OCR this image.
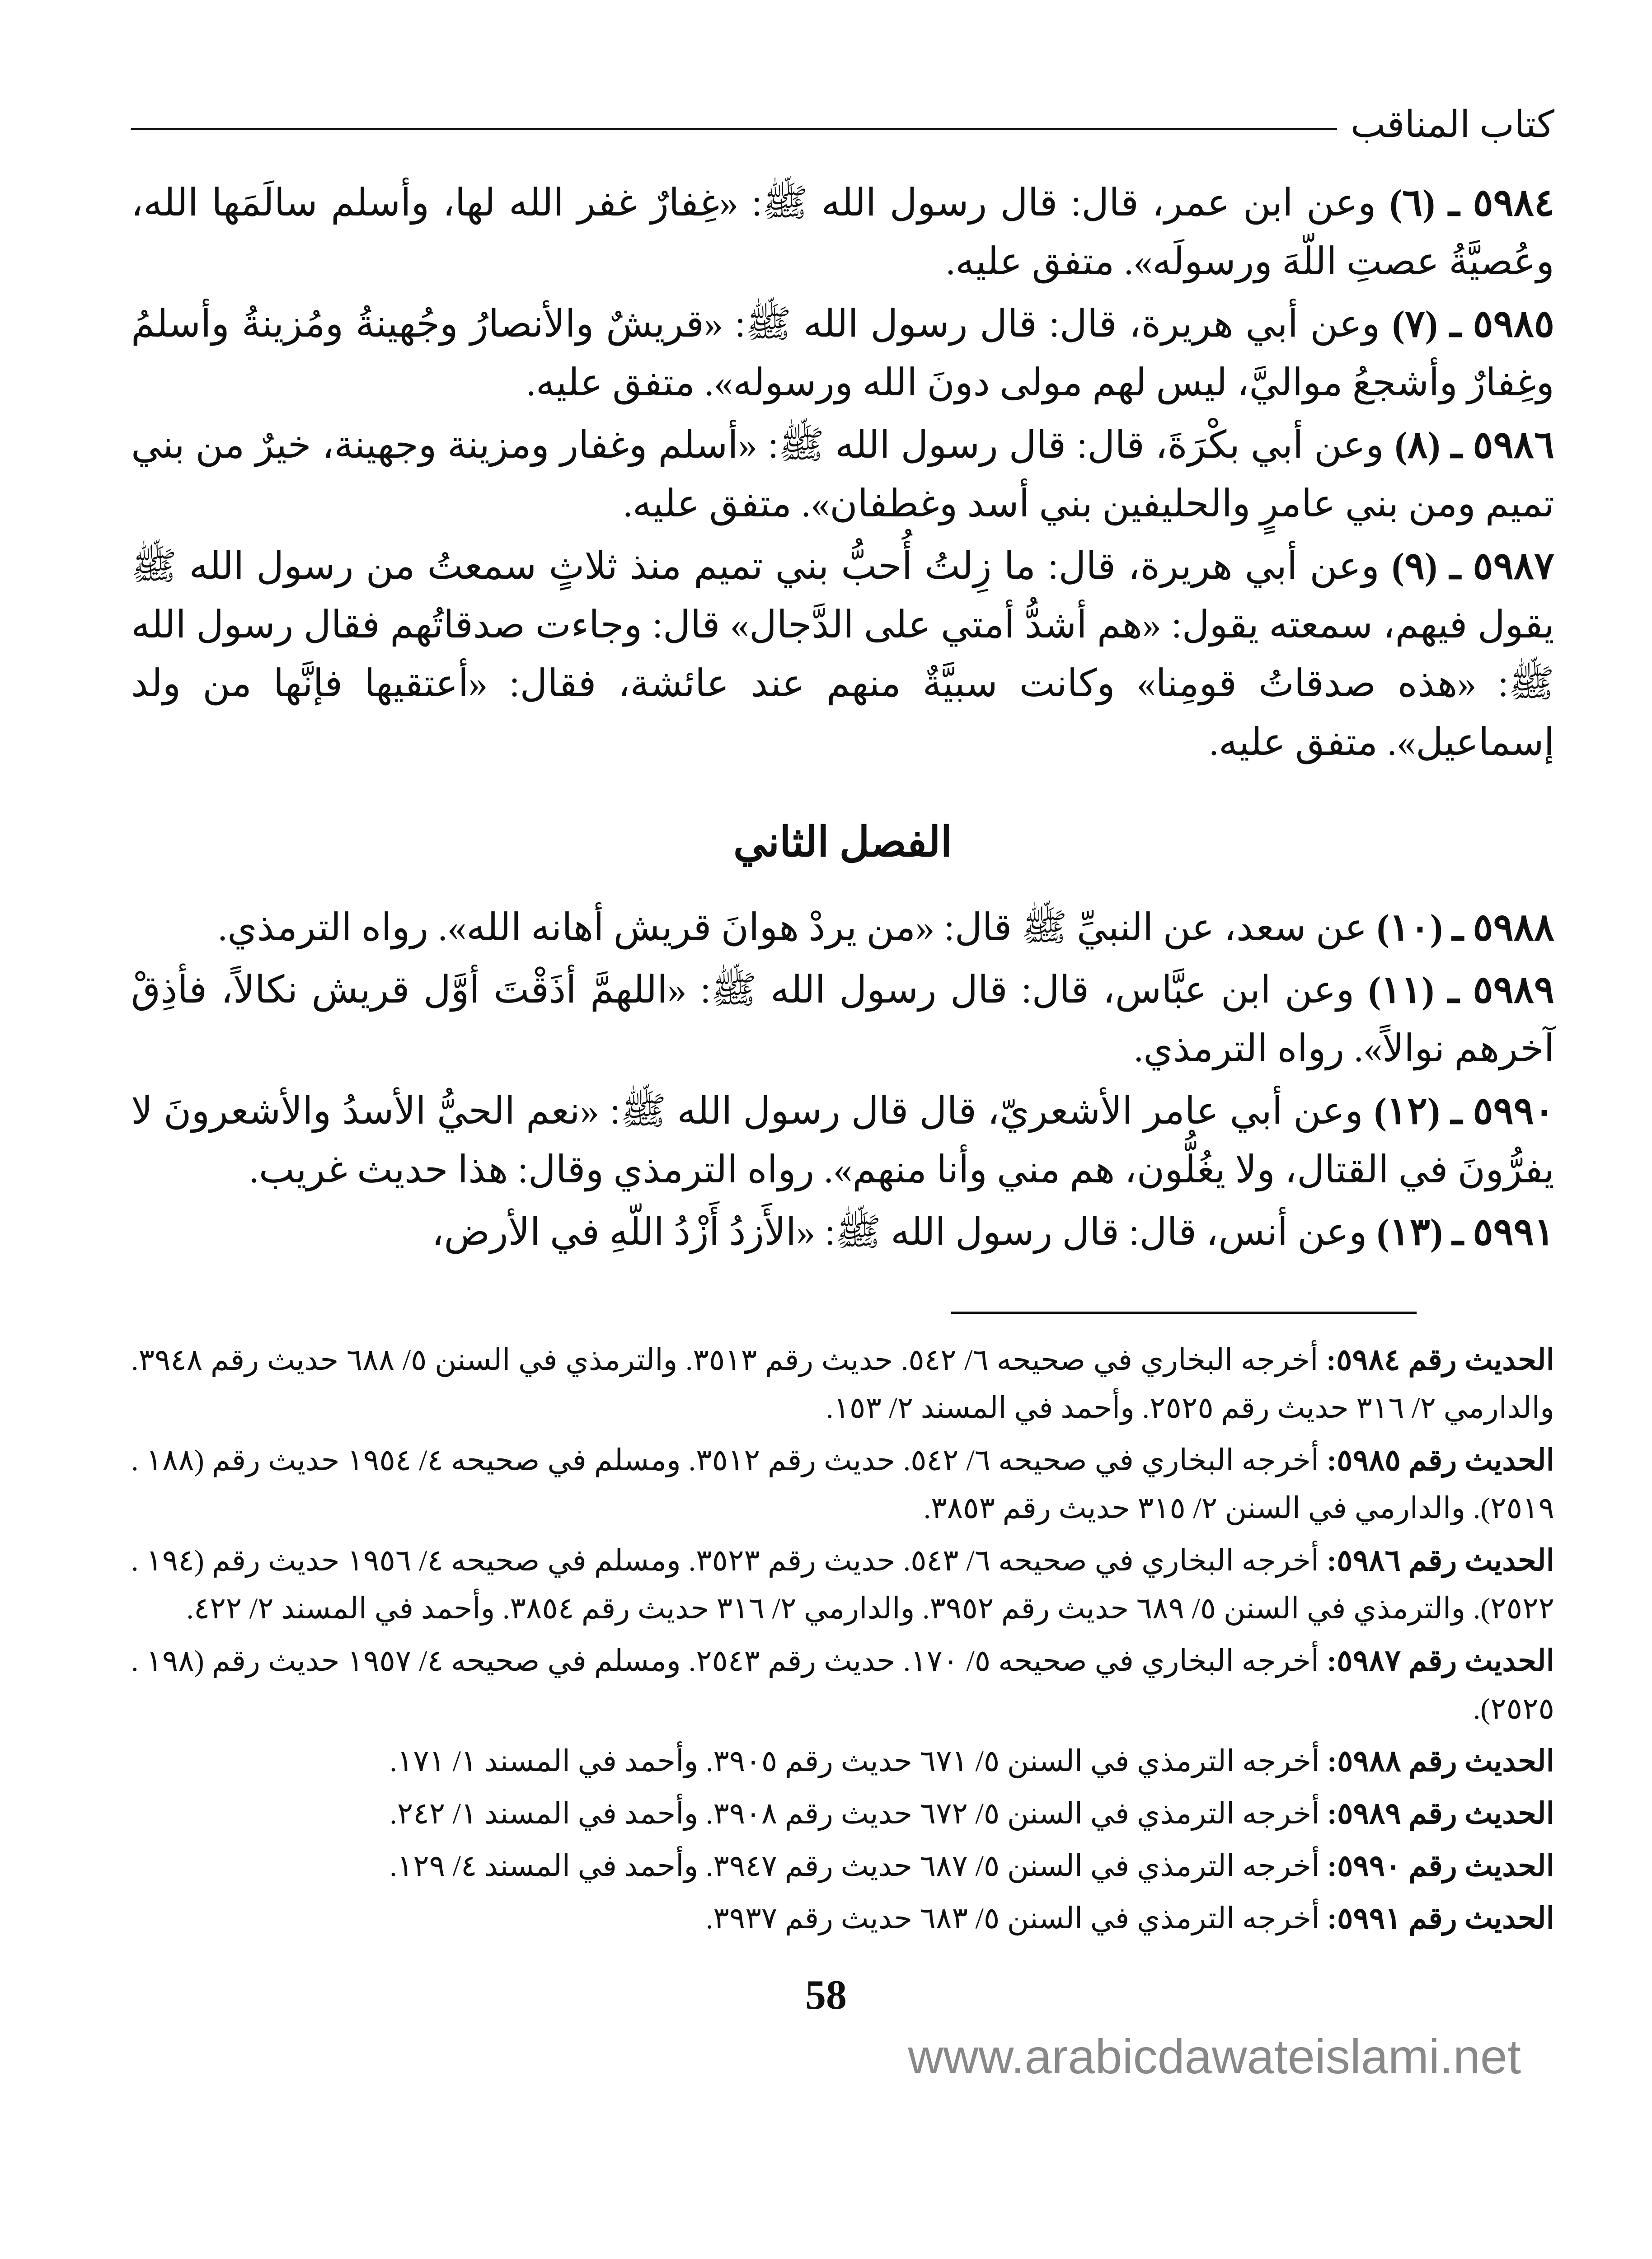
كتاب المناقب

٥٩٨٤ ـ (٦) وعن ابن عمر، قال: قال رسول الله ﷺ: «غِفارٌ غفر الله لها، وأسلم سالَمَها الله، وعُصيَّةُ عصتِ اللّهَ ورسولَه». متفق عليه.

٥٩٨٥ ـ (٧) وعن أبي هريرة، قال: قال رسول الله ﷺ: «قريشٌ والأنصارُ وجُهينةُ ومُزينةُ وأسلمُ وغِفارٌ وأشجعُ مواليَّ، ليس لهم مولى دونَ الله ورسوله». متفق عليه.

٥٩٨٦ ـ (٨) وعن أبي بكْرَةَ، قال: قال رسول الله ﷺ: «أسلم وغفار ومزينة وجهينة، خيرٌ من بني تميم ومن بني عامرٍ والحليفين بني أسد وغطفان». متفق عليه.

٥٩٨٧ ـ (٩) وعن أبي هريرة، قال: ما زِلتُ أُحبُّ بني تميم منذ ثلاثٍ سمعتُ من رسول الله ﷺ يقول فيهم، سمعته يقول: «هم أشدُّ أمتي على الدَّجال» قال: وجاءت صدقاتُهم فقال رسول الله ﷺ: «هذه صدقاتُ قومِنا» وكانت سبيَّةٌ منهم عند عائشة، فقال: «أعتقيها فإنَّها من ولد إسماعيل». متفق عليه.

الفصل الثاني

٥٩٨٨ ـ (١٠) عن سعد، عن النبيِّ ﷺ قال: «من يردْ هوانَ قريش أهانه الله». رواه الترمذي.

٥٩٨٩ ـ (١١) وعن ابن عبَّاس، قال: قال رسول الله ﷺ: «اللهمَّ أذَقْتَ أوَّل قريش نكالاً، فأذِقْ آخرهم نوالاً». رواه الترمذي.

٥٩٩٠ ـ (١٢) وعن أبي عامر الأشعريّ، قال قال رسول الله ﷺ: «نعم الحيُّ الأسدُ والأشعرونَ لا يفرُّونَ في القتال، ولا يغُلُّون، هم مني وأنا منهم». رواه الترمذي وقال: هذا حديث غريب.

٥٩٩١ ـ (١٣) وعن أنس، قال: قال رسول الله ﷺ: «الأَزدُ أَزْدُ اللّهِ في الأرض،

الحديث رقم ٥٩٨٤: أخرجه البخاري في صحيحه ٦/ ٥٤٢. حديث رقم ٣٥١٣. والترمذي في السنن ٥/ ٦٨٨ حديث رقم ٣٩٤٨. والدارمي ٢/ ٣١٦ حديث رقم ٢٥٢٥. وأحمد في المسند ٢/ ١٥٣.

الحديث رقم ٥٩٨٥: أخرجه البخاري في صحيحه ٦/ ٥٤٢. حديث رقم ٣٥١٢. ومسلم في صحيحه ٤/ ١٩٥٤ حديث رقم (١٨٨ . ٢٥١٩). والدارمي في السنن ٢/ ٣١٥ حديث رقم ٣٨٥٣.

الحديث رقم ٥٩٨٦: أخرجه البخاري في صحيحه ٦/ ٥٤٣. حديث رقم ٣٥٢٣. ومسلم في صحيحه ٤/ ١٩٥٦ حديث رقم (١٩٤ . ٢٥٢٢). والترمذي في السنن ٥/ ٦٨٩ حديث رقم ٣٩٥٢. والدارمي ٢/ ٣١٦ حديث رقم ٣٨٥٤. وأحمد في المسند ٢/ ٤٢٢.

الحديث رقم ٥٩٨٧: أخرجه البخاري في صحيحه ٥/ ١٧٠. حديث رقم ٢٥٤٣. ومسلم في صحيحه ٤/ ١٩٥٧ حديث رقم (١٩٨ . ٢٥٢٥).

الحديث رقم ٥٩٨٨: أخرجه الترمذي في السنن ٥/ ٦٧١ حديث رقم ٣٩٠٥. وأحمد في المسند ١/ ١٧١.

الحديث رقم ٥٩٨٩: أخرجه الترمذي في السنن ٥/ ٦٧٢ حديث رقم ٣٩٠٨. وأحمد في المسند ١/ ٢٤٢.

الحديث رقم ٥٩٩٠: أخرجه الترمذي في السنن ٥/ ٦٨٧ حديث رقم ٣٩٤٧. وأحمد في المسند ٤/ ١٢٩.

الحديث رقم ٥٩٩١: أخرجه الترمذي في السنن ٥/ ٦٨٣ حديث رقم ٣٩٣٧.

58
www.arabicdawateislami.net
